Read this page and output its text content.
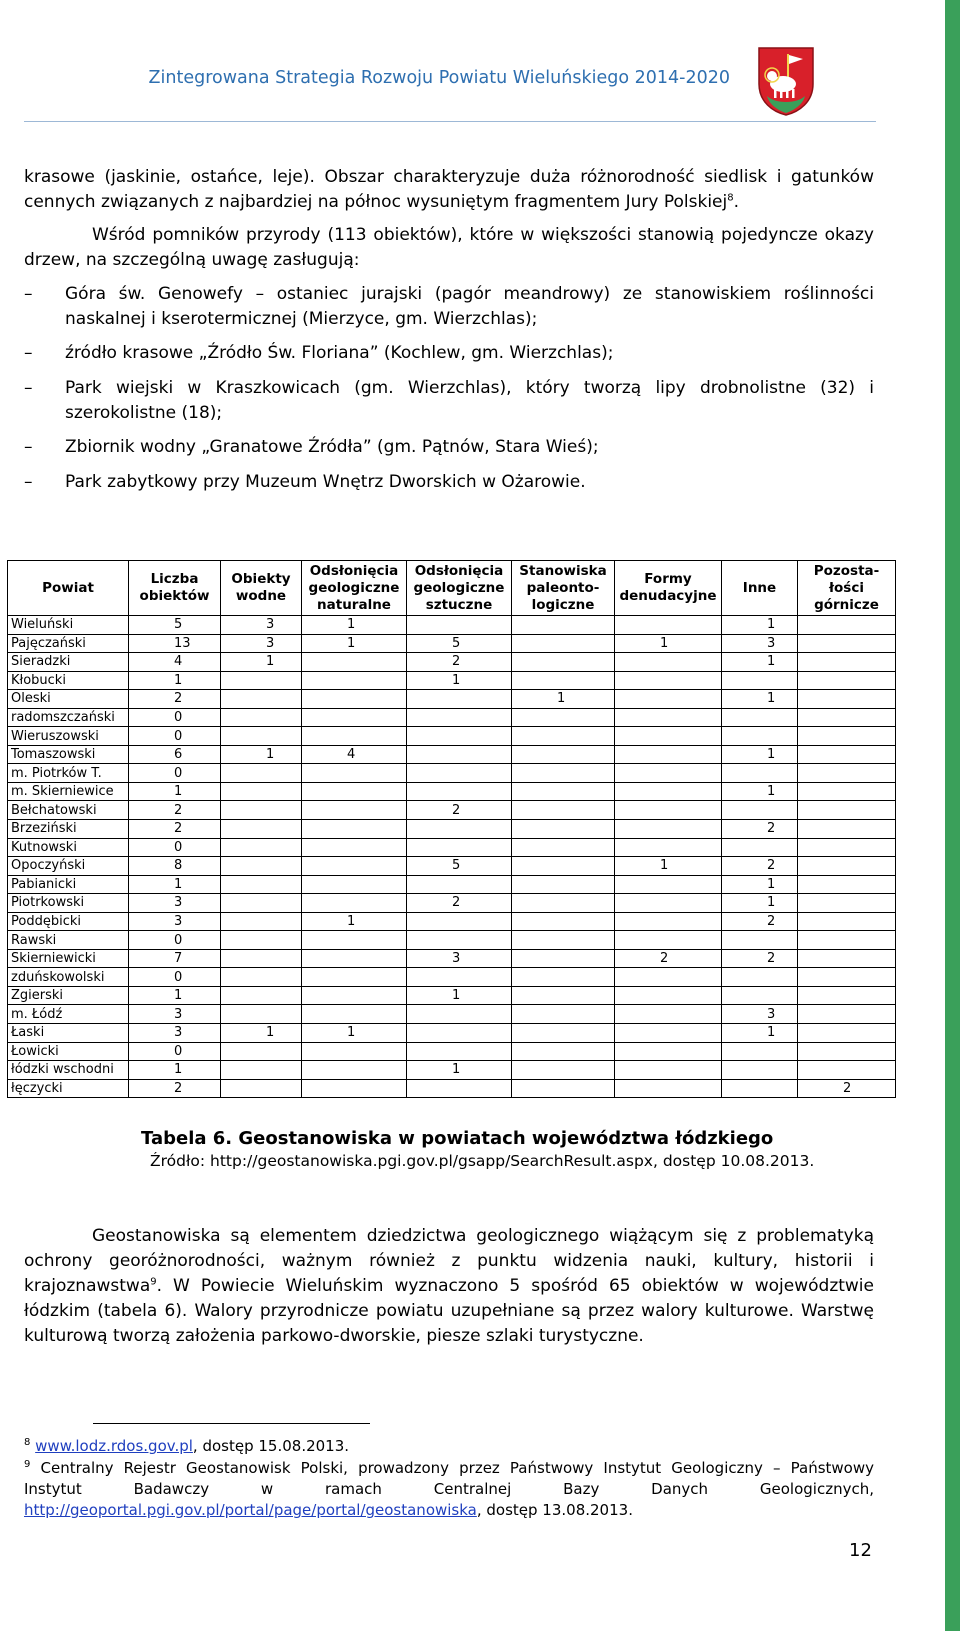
Zintegrowana Strategia Rozwoju Powiatu Wieluńskiego 2014-2020

krasowe (jaskinie, ostańce, leje). Obszar charakteryzuje duża różnorodność siedlisk i gatunków cennych związanych z najbardziej na północ wysuniętym fragmentem Jury Polskiej$^8$.

Wśród pomników przyrody (113 obiektów), które w większości stanowią pojedyncze okazy drzew, na szczególną uwagę zasługują:

–	Góra św. Genowefy – ostaniec jurajski (pagór meandrowy) ze stanowiskiem roślinności naskalnej i kserotermicznej (Mierzyce, gm. Wierzchlas);

–	źródło krasowe „Źródło Św. Floriana” (Kochlew, gm. Wierzchlas);

–	Park wiejski w Kraszkowicach (gm. Wierzchlas), który tworzą lipy drobnolistne (32) i szerokolistne (18);

–	Zbiornik wodny „Granatowe Źródła” (gm. Pątnów, Stara Wieś);

–	Park zabytkowy przy Muzeum Wnętrz Dworskich w Ożarowie.

Powiat	Liczba obiektów	Obiekty wodne	Odsłonięcia geologiczne naturalne	Odsłonięcia geologiczne sztuczne	Stanowiska paleonto-logiczne	Formy denudacyjne	Inne	Pozosta-łości górnicze
Wieluński	5	3	1				1	
Pajęczański	13	3	1	5		1	3	
Sieradzki	4	1		2			1	
Kłobucki	1			1				
Oleski	2				1		1	
radomszczański	0							
Wieruszowski	0							
Tomaszowski	6	1	4				1	
m. Piotrków T.	0							
m. Skierniewice	1						1	
Bełchatowski	2			2				
Brzeziński	2						2	
Kutnowski	0							
Opoczyński	8			5		1	2	
Pabianicki	1						1	
Piotrkowski	3			2			1	
Poddębicki	3		1				2	
Rawski	0							
Skierniewicki	7			3		2	2	
zduńskowolski	0							
Zgierski	1			1				
m. Łódź	3						3	
Łaski	3	1	1				1	
Łowicki	0							
łódzki wschodni	1			1				
łęczycki	2							2
Tabela 6. Geostanowiska w powiatach województwa łódzkiego
Źródło: http://geostanowiska.pgi.gov.pl/gsapp/SearchResult.aspx, dostęp 10.08.2013.

Geostanowiska są elementem dziedzictwa geologicznego wiążącym się z problematyką ochrony georóżnorodności, ważnym również z punktu widzenia nauki, kultury, historii i krajoznawstwa$^9$. W Powiecie Wieluńskim wyznaczono 5 spośród 65 obiektów w województwie łódzkim (tabela 6). Walory przyrodnicze powiatu uzupełniane są przez walory kulturowe. Warstwę kulturową tworzą założenia parkowo-dworskie, piesze szlaki turystyczne.

$^8$ www.lodz.rdos.gov.pl, dostęp 15.08.2013.

$^9$ Centralny Rejestr Geostanowisk Polski, prowadzony przez Państwowy Instytut Geologiczny – Państwowy Instytut Badawczy w ramach Centralnej Bazy Danych Geologicznych, http://geoportal.pgi.gov.pl/portal/page/portal/geostanowiska, dostęp 13.08.2013.

12
